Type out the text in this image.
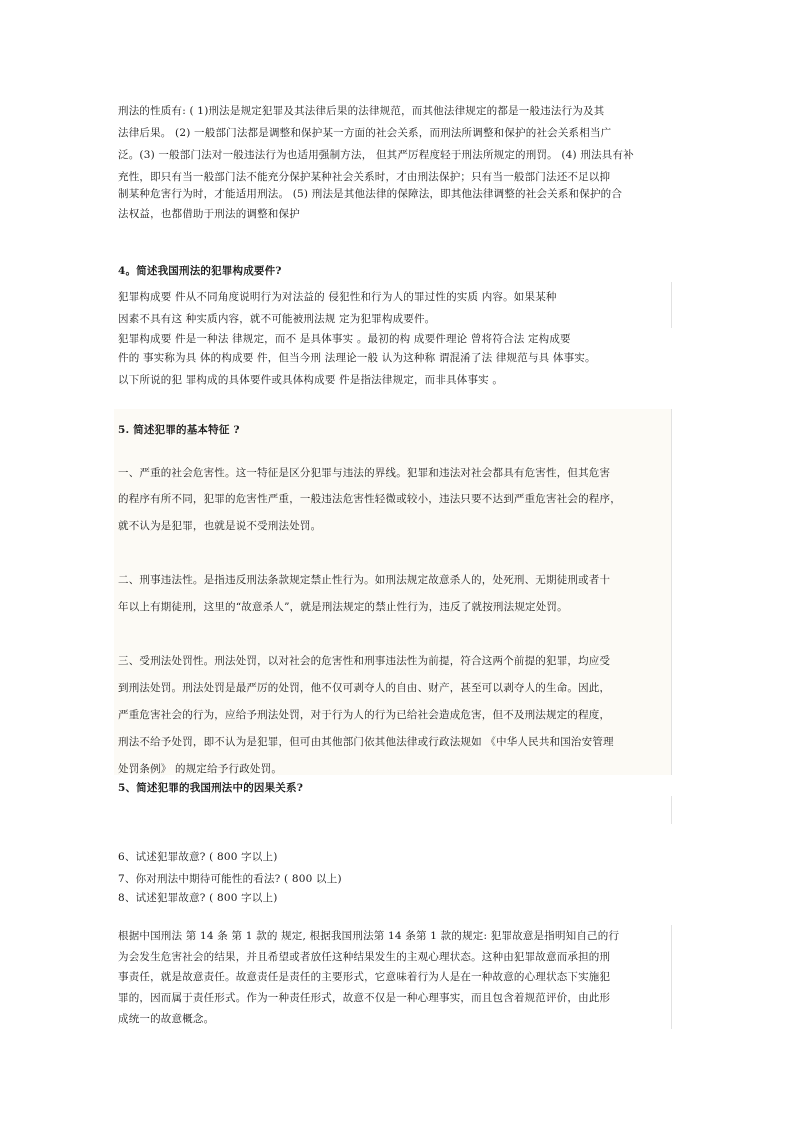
刑法的性质有: ( 1)刑法是规定犯罪及其法律后果的法律规范，而其他法律规定的都是一般违法行为及其
法律后果。 (2) 一般部门法都是调整和保护某一方面的社会关系，而刑法所调整和保护的社会关系相当广
泛。(3) 一般部门法对一般违法行为也适用强制方法， 但其严厉程度轻于刑法所规定的刑罚。 (4) 刑法具有补
充性，即只有当一般部门法不能充分保护某种社会关系时，才由刑法保护；只有当一般部门法还不足以抑
制某种危害行为时，才能适用刑法。 (5) 刑法是其他法律的保障法，即其他法律调整的社会关系和保护的合
法权益，也都借助于刑法的调整和保护
4。简述我国刑法的犯罪构成要件?
犯罪构成要 件从不同角度说明行为对法益的 侵犯性和行为人的罪过性的实质 内容。如果某种
因素不具有这 种实质内容，就不可能被刑法规 定为犯罪构成要件。
犯罪构成要 件是一种法 律规定，而不 是具体事实 。最初的构 成要件理论 曾将符合法 定构成要
件的 事实称为具 体的构成要 件，但当今刑 法理论一般 认为这种称 谓混淆了法 律规范与具 体事实。
以下所说的犯 罪构成的具体要件或具体构成要 件是指法律规定，而非具体事实 。
5. 简述犯罪的基本特征 ?
一、严重的社会危害性。这一特征是区分犯罪与违法的界线。犯罪和违法对社会都具有危害性，但其危害
的程序有所不同，犯罪的危害性严重，一般违法危害性轻微或较小，违法只要不达到严重危害社会的程序，
就不认为是犯罪，也就是说不受刑法处罚。
二、刑事违法性。是指违反刑法条款规定禁止性行为。如刑法规定故意杀人的，处死刑、无期徒刑或者十
年以上有期徒刑，这里的“故意杀人”，就是刑法规定的禁止性行为，违反了就按刑法规定处罚。
三、受刑法处罚性。刑法处罚，以对社会的危害性和刑事违法性为前提，符合这两个前提的犯罪，均应受
到刑法处罚。刑法处罚是最严厉的处罚，他不仅可剥夺人的自由、财产，甚至可以剥夺人的生命。因此，
严重危害社会的行为，应给予刑法处罚，对于行为人的行为已给社会造成危害，但不及刑法规定的程度，
刑法不给予处罚，即不认为是犯罪，但可由其他部门依其他法律或行政法规如 《中华人民共和国治安管理
处罚条例》 的规定给予行政处罚。
5、简述犯罪的我国刑法中的因果关系?
6、试述犯罪故意? ( 800 字以上)
7、你对刑法中期待可能性的看法? ( 800 以上)
8、试述犯罪故意? ( 800 字以上)
根据中国刑法 第 14 条 第 1 款的 规定, 根据我国刑法第 14 条第 1 款的规定: 犯罪故意是指明知自己的行
为会发生危害社会的结果，并且希望或者放任这种结果发生的主观心理状态。这种由犯罪故意而承担的刑
事责任，就是故意责任。故意责任是责任的主要形式，它意味着行为人是在一种故意的心理状态下实施犯
罪的，因而属于责任形式。作为一种责任形式，故意不仅是一种心理事实，而且包含着规范评价，由此形
成统一的故意概念。
